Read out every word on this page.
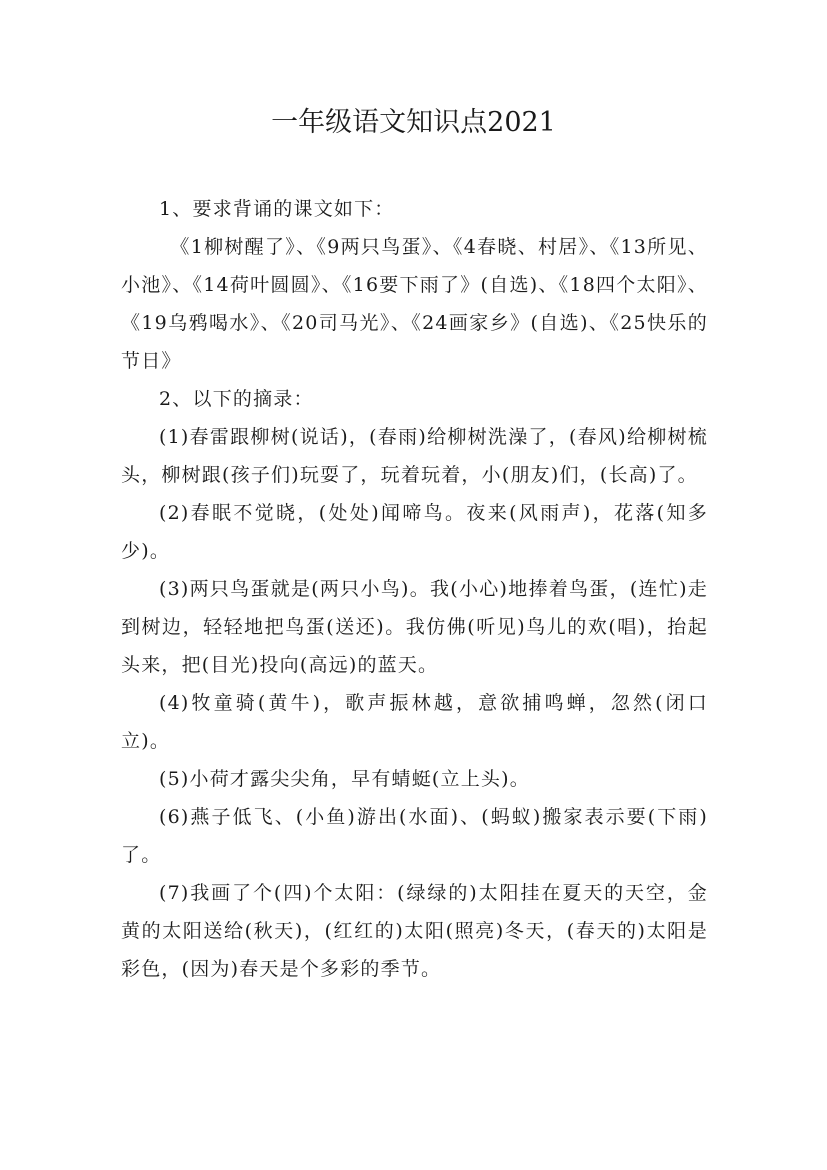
一年级语文知识点2021

1、要求背诵的课文如下：

《1柳树醒了》、《9两只鸟蛋》、《4春晓、村居》、《13所见、小池》、《14荷叶圆圆》、《16要下雨了》(自选)、《18四个太阳》、《19乌鸦喝水》、《20司马光》、《24画家乡》(自选)、《25快乐的节日》

2、以下的摘录：

(1)春雷跟柳树(说话)，(春雨)给柳树洗澡了，(春风)给柳树梳头，柳树跟(孩子们)玩耍了，玩着玩着，小(朋友)们，(长高)了。

(2)春眠不觉晓，(处处)闻啼鸟。夜来(风雨声)，花落(知多少)。

(3)两只鸟蛋就是(两只小鸟)。我(小心)地捧着鸟蛋，(连忙)走到树边，轻轻地把鸟蛋(送还)。我仿佛(听见)鸟儿的欢(唱)，抬起头来，把(目光)投向(高远)的蓝天。

(4)牧童骑(黄牛)，歌声振林越，意欲捕鸣蝉，忽然(闭口立)。

(5)小荷才露尖尖角，早有蜻蜓(立上头)。

(6)燕子低飞、(小鱼)游出(水面)、(蚂蚁)搬家表示要(下雨)了。

(7)我画了个(四)个太阳：(绿绿的)太阳挂在夏天的天空，金黄的太阳送给(秋天)，(红红的)太阳(照亮)冬天，(春天的)太阳是彩色，(因为)春天是个多彩的季节。
